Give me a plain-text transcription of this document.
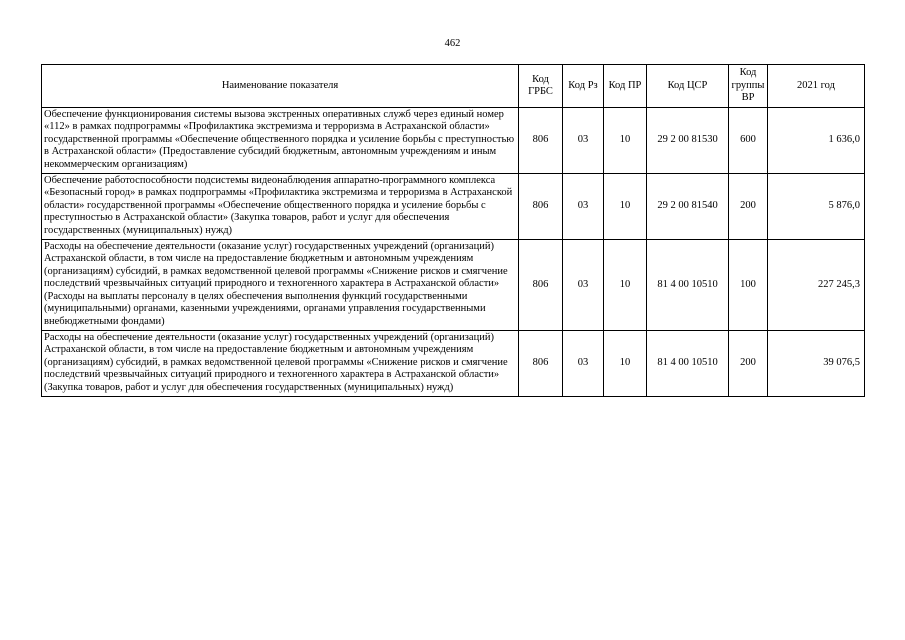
462
Наименование показателя	Код ГРБС	Код Рз	Код ПР	Код ЦСР	Код группы ВР	2021 год
Обеспечение функционирования системы вызова экстренных оперативных служб через единый номер «112» в рамках подпрограммы «Профилактика экстремизма и терроризма в Астраханской области» государственной программы «Обеспечение общественного порядка и усиление борьбы с преступностью в Астраханской области» (Предоставление субсидий бюджетным, автономным учреждениям и иным некоммерческим организациям)	806	03	10	29 2 00 81530	600	1 636,0
Обеспечение работоспособности подсистемы видеонаблюдения аппаратно-программного комплекса «Безопасный город» в рамках подпрограммы «Профилактика экстремизма и терроризма в Астраханской области» государственной программы «Обеспечение общественного порядка и усиление борьбы с преступностью в Астраханской области» (Закупка товаров, работ и услуг для обеспечения государственных (муниципальных) нужд)	806	03	10	29 2 00 81540	200	5 876,0
Расходы на обеспечение деятельности (оказание услуг) государственных учреждений (организаций) Астраханской области, в том числе на предоставление бюджетным и автономным учреждениям (организациям) субсидий, в рамках ведомственной целевой программы «Снижение рисков и смягчение последствий чрезвычайных ситуаций природного и техногенного характера в Астраханской области» (Расходы на выплаты персоналу в целях обеспечения выполнения функций государственными (муниципальными) органами, казенными учреждениями, органами управления государственными внебюджетными фондами)	806	03	10	81 4 00 10510	100	227 245,3
Расходы на обеспечение деятельности (оказание услуг) государственных учреждений (организаций) Астраханской области, в том числе на предоставление бюджетным и автономным учреждениям (организациям) субсидий, в рамках ведомственной целевой программы «Снижение рисков и смягчение последствий чрезвычайных ситуаций природного и техногенного характера в Астраханской области» (Закупка товаров, работ и услуг для обеспечения государственных (муниципальных) нужд)	806	03	10	81 4 00 10510	200	39 076,5
